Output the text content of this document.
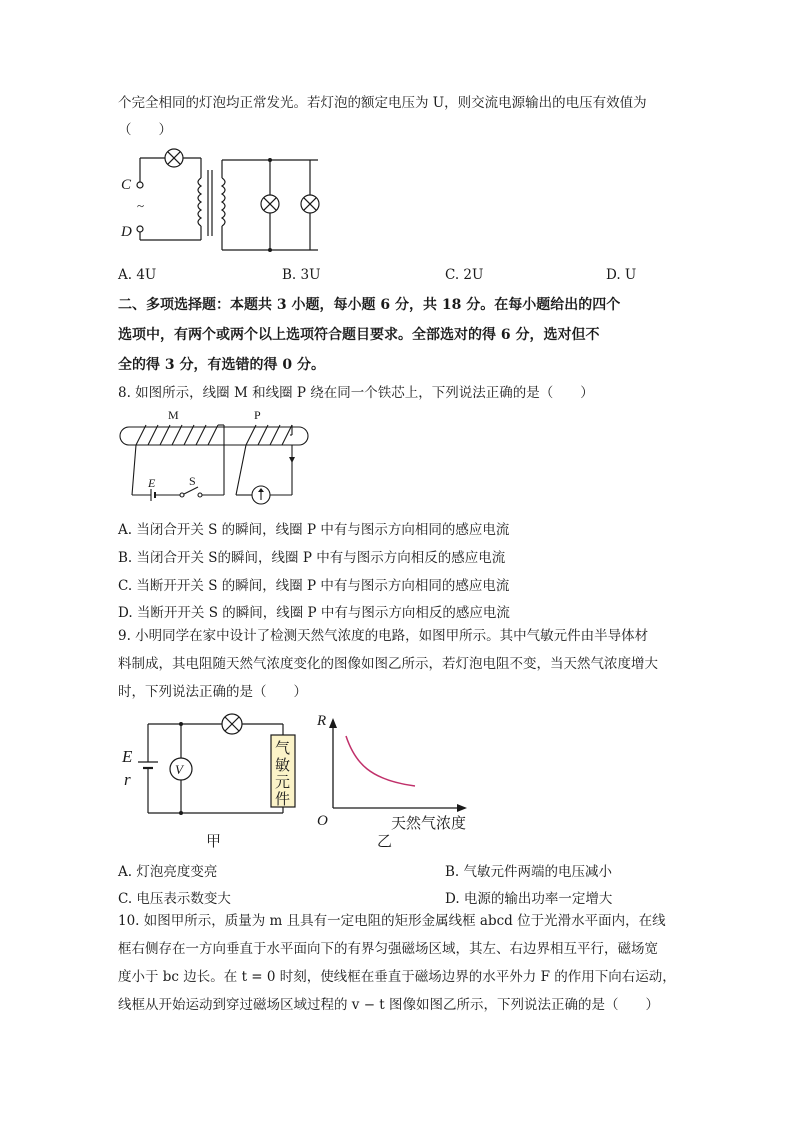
个完全相同的灯泡均正常发光。若灯泡的额定电压为 U，则交流电源输出的电压有效值为
（　　）
C
D
~
A. 4U	B. 3U	C. 2U	D. U
二、多项选择题：本题共 3 小题，每小题 6 分，共 18 分。在每小题给出的四个
选项中，有两个或两个以上选项符合题目要求。全部选对的得 6 分，选对但不
全的得 3 分，有选错的得 0 分。
8. 如图所示，线圈 M 和线圈 P 绕在同一个铁芯上，下列说法正确的是（　　）
M	P
E	S
A. 当闭合开关 S 的瞬间，线圈 P 中有与图示方向相同的感应电流
B. 当闭合开关 S的瞬间，线圈 P 中有与图示方向相反的感应电流
C. 当断开开关 S 的瞬间，线圈 P 中有与图示方向相同的感应电流
D. 当断开开关 S 的瞬间，线圈 P 中有与图示方向相反的感应电流
9. 小明同学在家中设计了检测天然气浓度的电路，如图甲所示。其中气敏元件由半导体材
料制成，其电阻随天然气浓度变化的图像如图乙所示，若灯泡电阻不变，当天然气浓度增大
时，下列说法正确的是（　　）
V
E
r
气
敏
元
件
甲
R
O	天然气浓度
乙
A. 灯泡亮度变亮	B. 气敏元件两端的电压减小
C. 电压表示数变大	D. 电源的输出功率一定增大
10. 如图甲所示，质量为 m 且具有一定电阻的矩形金属线框 abcd 位于光滑水平面内，在线
框右侧存在一方向垂直于水平面向下的有界匀强磁场区域，其左、右边界相互平行，磁场宽
度小于 bc 边长。在 t = 0 时刻，使线框在垂直于磁场边界的水平外力 F 的作用下向右运动，
线框从开始运动到穿过磁场区域过程的 v − t 图像如图乙所示，下列说法正确的是（　　）
